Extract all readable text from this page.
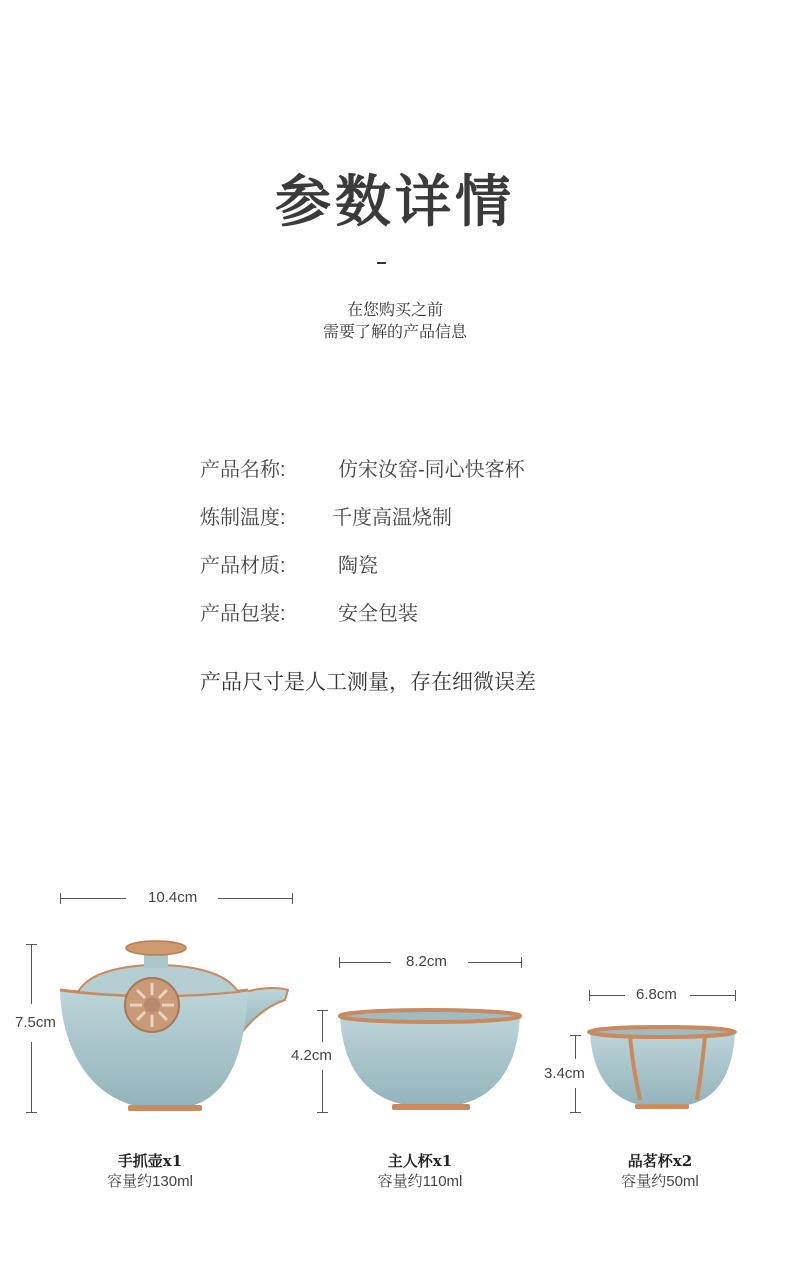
参数详情
在您购买之前
需要了解的产品信息
产品名称:	仿宋汝窑-同心快客杯
炼制温度: 千度高温烧制
产品材质:	陶瓷
产品包装:	安全包装
产品尺寸是人工测量，存在细微误差
10.4cm
7.5cm
8.2cm
4.2cm
6.8cm
3.4cm
手抓壶x1
容量约130ml
主人杯x1
容量约110ml
品茗杯x2
容量约50ml
